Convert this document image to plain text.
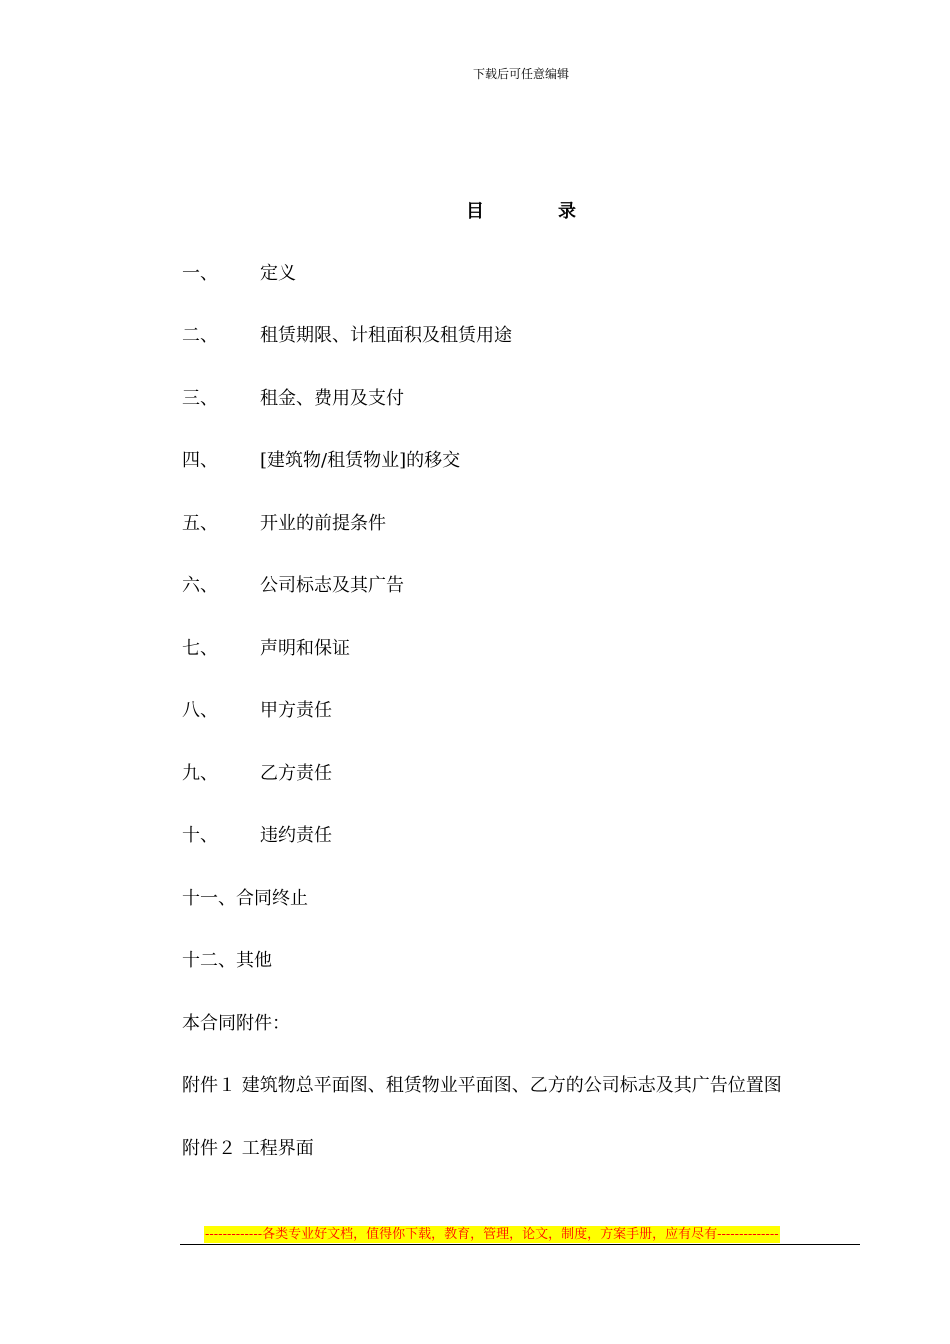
下载后可任意编辑
目	录
一、 定义
二、 租赁期限、计租面积及租赁用途
三、 租金、费用及支付
四、 [建筑物/租赁物业]的移交
五、 开业的前提条件
六、 公司标志及其广告
七、 声明和保证
八、 甲方责任
九、 乙方责任
十、 违约责任
十一、合同终止
十二、其他
本合同附件：
附件１ 建筑物总平面图、租赁物业平面图、乙方的公司标志及其广告位置图
附件２ 工程界面
-------------各类专业好文档，值得你下载，教育，管理，论文，制度，方案手册，应有尽有--------------
